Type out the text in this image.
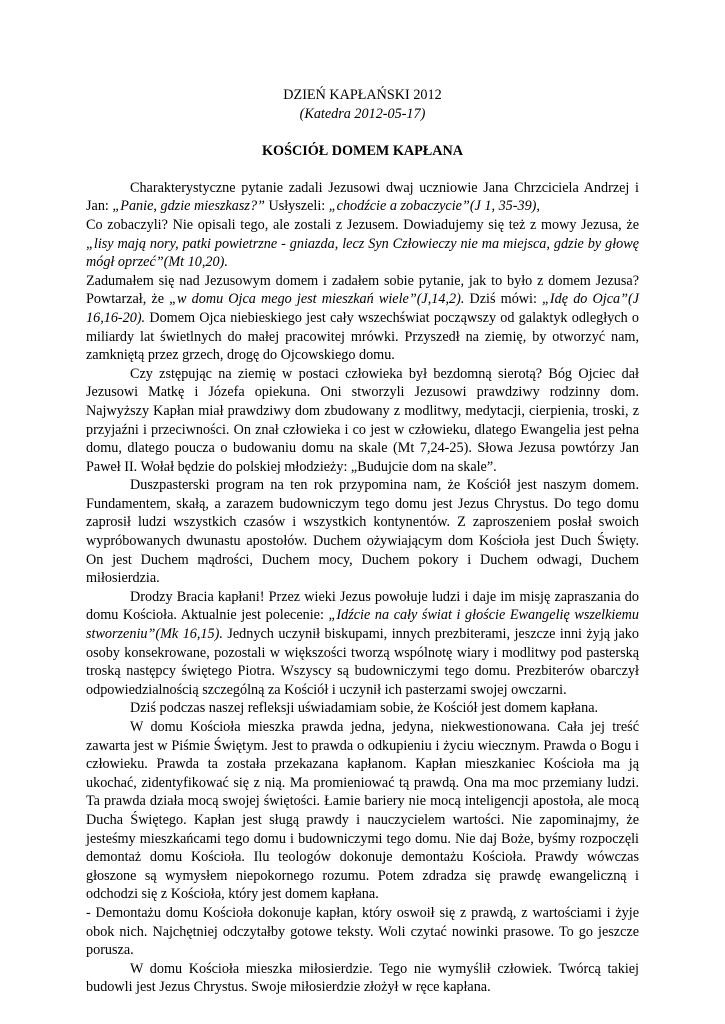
DZIEŃ KAPŁAŃSKI 2012
(Katedra 2012-05-17)
KOŚCIÓŁ DOMEM KAPŁANA

Charakterystyczne pytanie zadali Jezusowi dwaj uczniowie Jana Chrzciciela Andrzej i Jan: „Panie, gdzie mieszkasz?” Usłyszeli: „chodźcie a zobaczycie”(J 1, 35-39),

Co zobaczyli? Nie opisali tego, ale zostali z Jezusem. Dowiadujemy się też z mowy Jezusa, że „lisy mają nory, patki powietrzne - gniazda, lecz Syn Człowieczy nie ma miejsca, gdzie by głowę mógł oprzeć”(Mt 10,20).

Zadumałem się nad Jezusowym domem i zadałem sobie pytanie, jak to było z domem Jezusa? Powtarzał, że „w domu Ojca mego jest mieszkań wiele”(J,14,2). Dziś mówi: „Idę do Ojca”(J 16,16-20). Domem Ojca niebieskiego jest cały wszechświat począwszy od galaktyk odległych o miliardy lat świetlnych do małej pracowitej mrówki. Przyszedł na ziemię, by otworzyć nam, zamkniętą przez grzech, drogę do Ojcowskiego domu.

Czy zstępując na ziemię w postaci człowieka był bezdomną sierotą? Bóg Ojciec dał Jezusowi Matkę i Józefa opiekuna. Oni stworzyli Jezusowi prawdziwy rodzinny dom. Najwyższy Kapłan miał prawdziwy dom zbudowany z modlitwy, medytacji, cierpienia, troski, z przyjaźni i przeciwności. On znał człowieka i co jest w człowieku, dlatego Ewangelia jest pełna domu, dlatego poucza o budowaniu domu na skale (Mt 7,24-25). Słowa Jezusa powtórzy Jan Paweł II. Wołał będzie do polskiej młodzieży: „Budujcie dom na skale”.

Duszpasterski program na ten rok przypomina nam, że Kościół jest naszym domem. Fundamentem, skałą, a zarazem budowniczym tego domu jest Jezus Chrystus. Do tego domu zaprosił ludzi wszystkich czasów i wszystkich kontynentów. Z zaproszeniem posłał swoich wypróbowanych dwunastu apostołów. Duchem ożywiającym dom Kościoła jest Duch Święty. On jest Duchem mądrości, Duchem mocy, Duchem pokory i Duchem odwagi, Duchem miłosierdzia.

Drodzy Bracia kapłani! Przez wieki Jezus powołuje ludzi i daje im misję zapraszania do domu Kościoła. Aktualnie jest polecenie: „Idźcie na cały świat i głoście Ewangelię wszelkiemu stworzeniu”(Mk 16,15). Jednych uczynił biskupami, innych prezbiterami, jeszcze inni żyją jako osoby konsekrowane, pozostali w większości tworzą wspólnotę wiary i modlitwy pod pasterską troską następcy świętego Piotra. Wszyscy są budowniczymi tego domu. Prezbiterów obarczył odpowiedzialnością szczególną za Kościół i uczynił ich pasterzami swojej owczarni.

Dziś podczas naszej refleksji uświadamiam sobie, że Kościół jest domem kapłana.

W domu Kościoła mieszka prawda jedna, jedyna, niekwestionowana. Cała jej treść zawarta jest w Piśmie Świętym. Jest to prawda o odkupieniu i życiu wiecznym. Prawda o Bogu i człowieku. Prawda ta została przekazana kapłanom. Kapłan mieszkaniec Kościoła ma ją ukochać, zidentyfikować się z nią. Ma promieniować tą prawdą. Ona ma moc przemiany ludzi. Ta prawda działa mocą swojej świętości. Łamie bariery nie mocą inteligencji apostoła, ale mocą Ducha Świętego. Kapłan jest sługą prawdy i nauczycielem wartości. Nie zapominajmy, że jesteśmy mieszkańcami tego domu i budowniczymi tego domu. Nie daj Boże, byśmy rozpoczęli demontaż domu Kościoła. Ilu teologów dokonuje demontażu Kościoła. Prawdy wówczas głoszone są wymysłem niepokornego rozumu. Potem zdradza się prawdę ewangeliczną i odchodzi się z Kościoła, który jest domem kapłana.

- Demontażu domu Kościoła dokonuje kapłan, który oswoił się z prawdą, z wartościami i żyje obok nich. Najchętniej odczytałby gotowe teksty. Woli czytać nowinki prasowe. To go jeszcze porusza.

W domu Kościoła mieszka miłosierdzie. Tego nie wymyślił człowiek. Twórcą takiej budowli jest Jezus Chrystus. Swoje miłosierdzie złożył w ręce kapłana.
